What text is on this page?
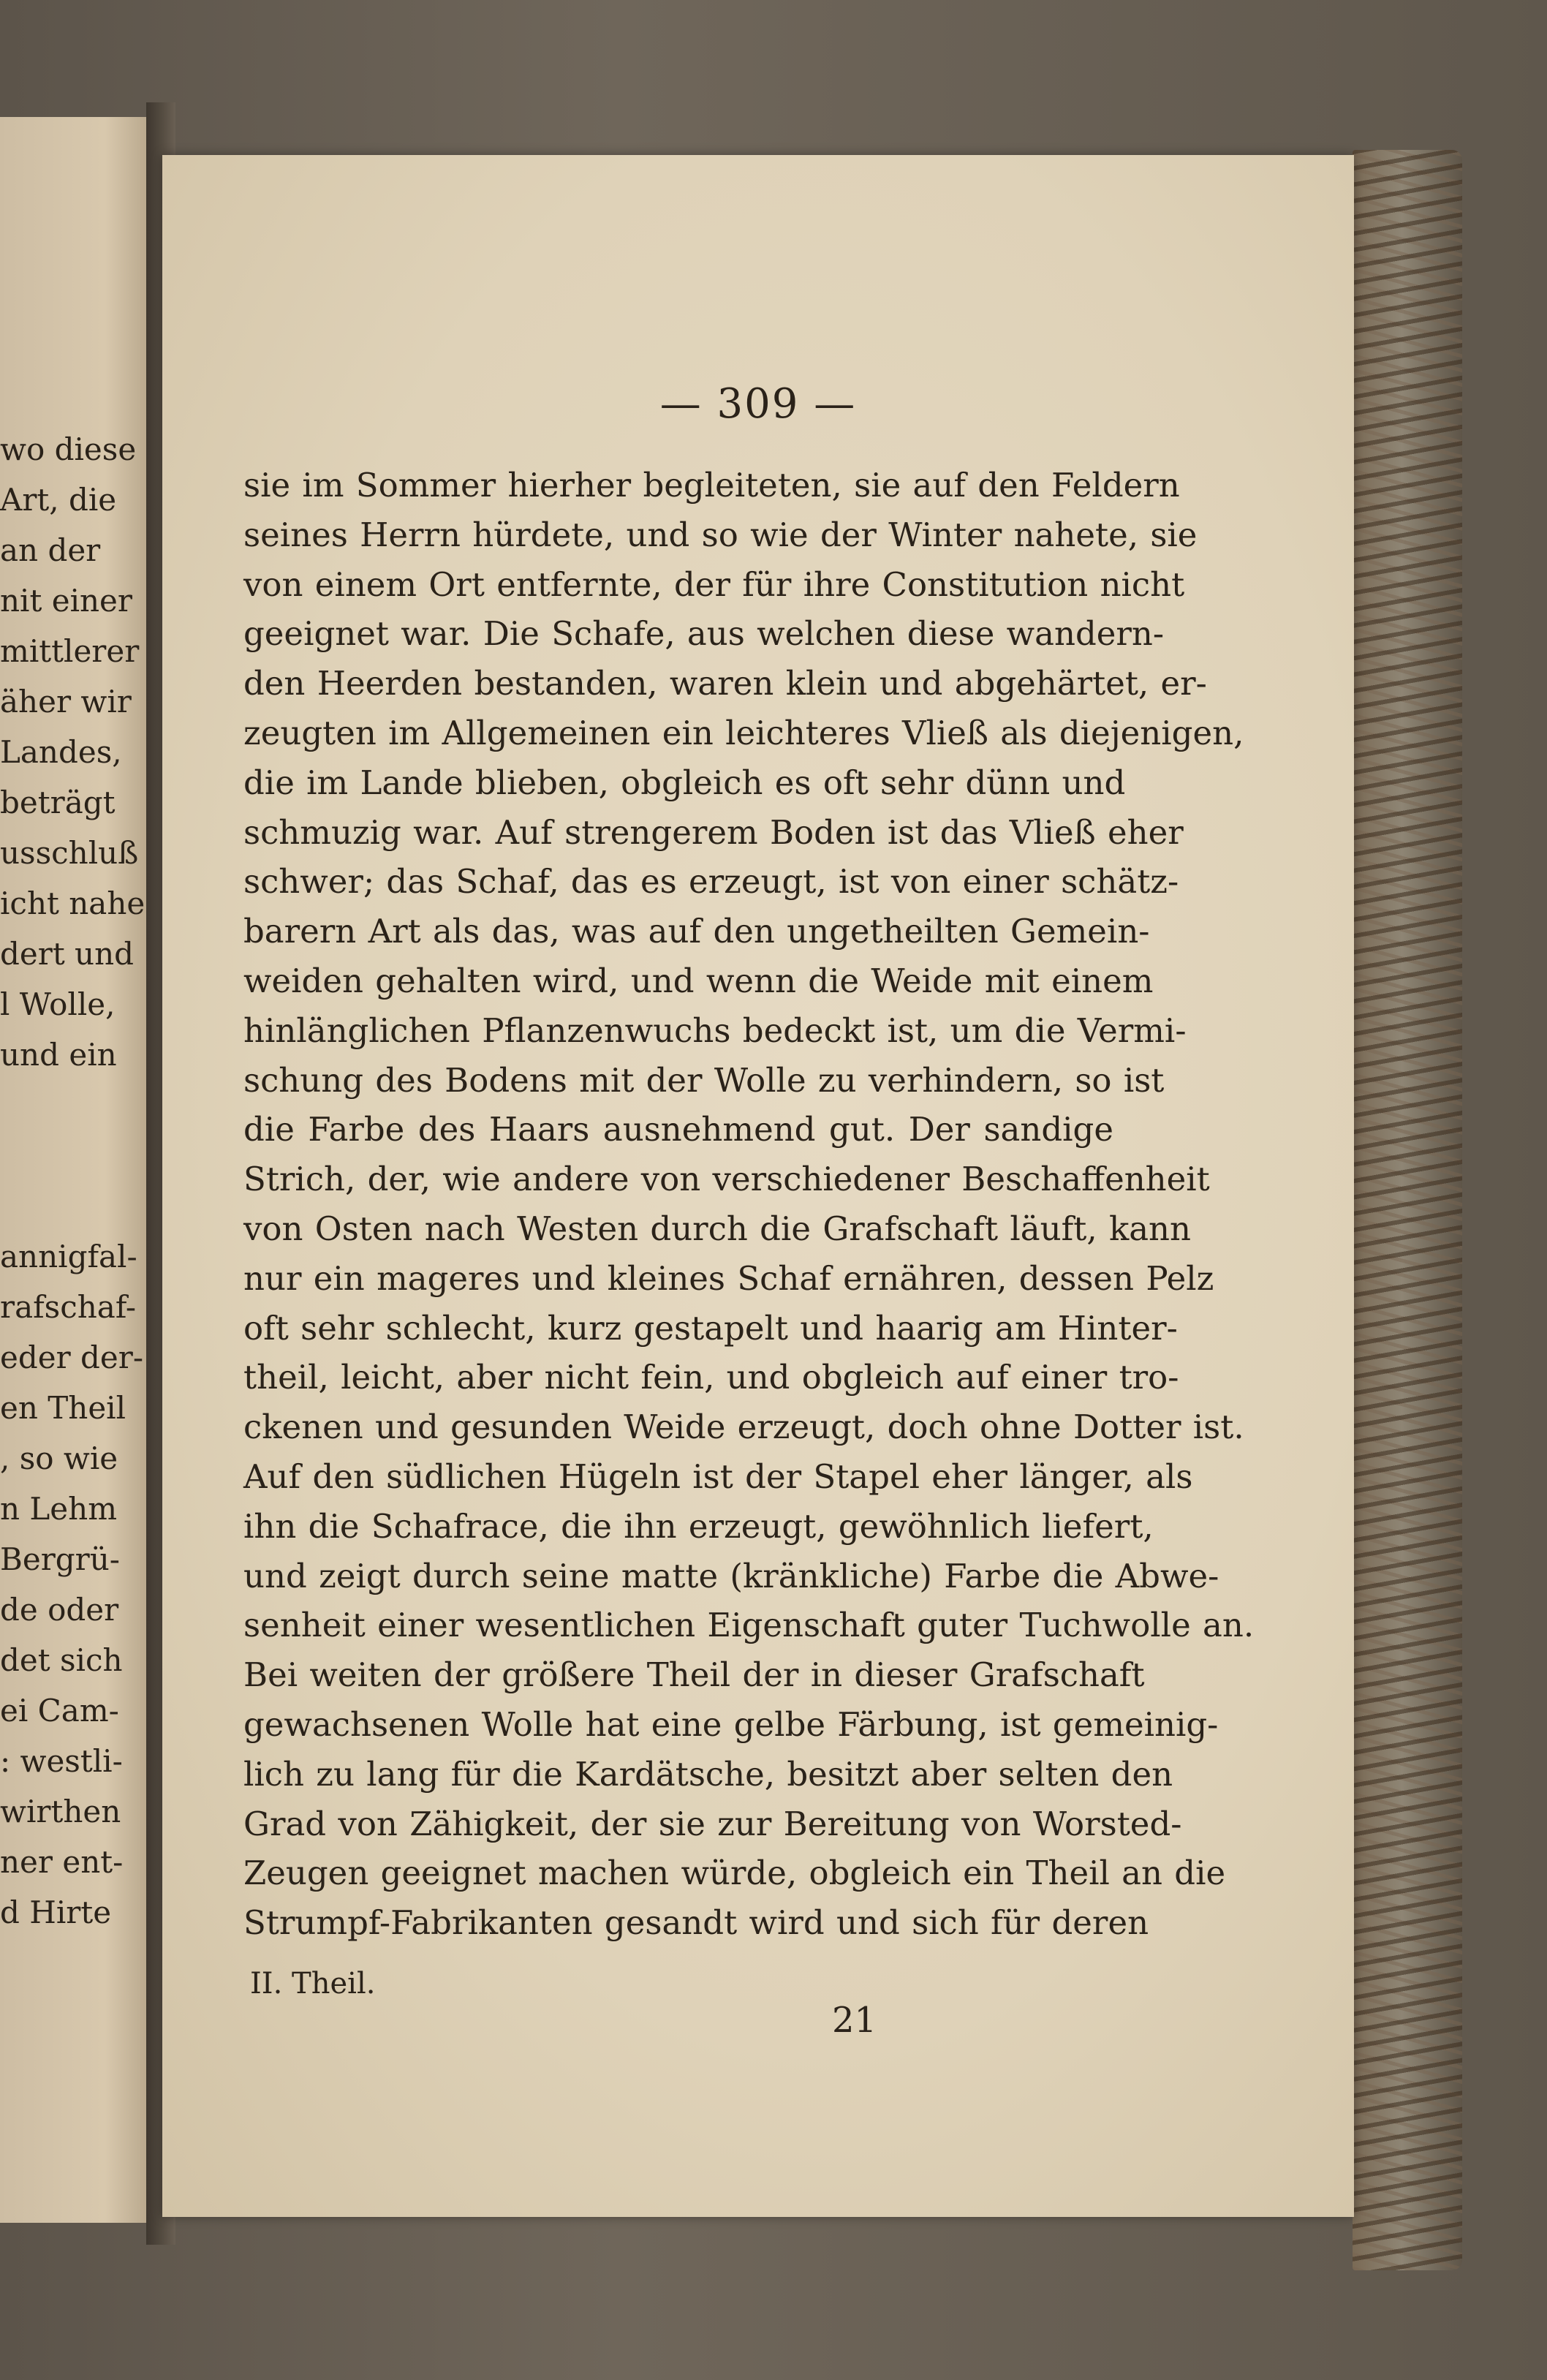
wo diese
Art, die
an der
nit einer
mittlerer
äher wir
Landes,
beträgt
usschluß
icht nahe
dert und
l Wolle,
und ein
annigfal-
rafschaf-
eder der-
en Theil
, so wie
n Lehm
Bergrü-
de oder
det sich
ei Cam-
: westli-
wirthen
ner ent-
d Hirte
— 309 —
sie im Sommer hierher begleiteten, sie auf den Feldern
seines Herrn hürdete, und so wie der Winter nahete, sie
von einem Ort entfernte, der für ihre Constitution nicht
geeignet war. Die Schafe, aus welchen diese wandern-
den Heerden bestanden, waren klein und abgehärtet, er-
zeugten im Allgemeinen ein leichteres Vließ als diejenigen,
die im Lande blieben, obgleich es oft sehr dünn und
schmuzig war. Auf strengerem Boden ist das Vließ eher
schwer; das Schaf, das es erzeugt, ist von einer schätz-
barern Art als das, was auf den ungetheilten Gemein-
weiden gehalten wird, und wenn die Weide mit einem
hinlänglichen Pflanzenwuchs bedeckt ist, um die Vermi-
schung des Bodens mit der Wolle zu verhindern, so ist
die Farbe des Haars ausnehmend gut. Der sandige
Strich, der, wie andere von verschiedener Beschaffenheit
von Osten nach Westen durch die Grafschaft läuft, kann
nur ein mageres und kleines Schaf ernähren, dessen Pelz
oft sehr schlecht, kurz gestapelt und haarig am Hinter-
theil, leicht, aber nicht fein, und obgleich auf einer tro-
ckenen und gesunden Weide erzeugt, doch ohne Dotter ist.
Auf den südlichen Hügeln ist der Stapel eher länger, als
ihn die Schafrace, die ihn erzeugt, gewöhnlich liefert,
und zeigt durch seine matte (kränkliche) Farbe die Abwe-
senheit einer wesentlichen Eigenschaft guter Tuchwolle an.
Bei weiten der größere Theil der in dieser Grafschaft
gewachsenen Wolle hat eine gelbe Färbung, ist gemeinig-
lich zu lang für die Kardätsche, besitzt aber selten den
Grad von Zähigkeit, der sie zur Bereitung von Worsted-
Zeugen geeignet machen würde, obgleich ein Theil an die
Strumpf-Fabrikanten gesandt wird und sich für deren
II. Theil.
21
